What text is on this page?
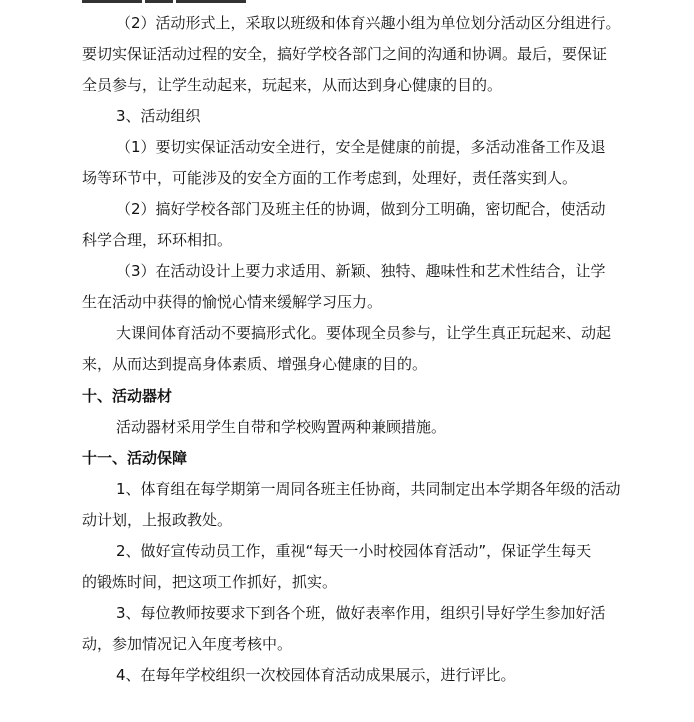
（2）活动形式上，采取以班级和体育兴趣小组为单位划分活动区分组进行。
要切实保证活动过程的安全，搞好学校各部门之间的沟通和协调。最后，要保证
全员参与，让学生动起来，玩起来，从而达到身心健康的目的。
3、活动组织
（1）要切实保证活动安全进行，安全是健康的前提，多活动准备工作及退
场等环节中，可能涉及的安全方面的工作考虑到，处理好，责任落实到人。
（2）搞好学校各部门及班主任的协调，做到分工明确，密切配合，使活动
科学合理，环环相扣。
（3）在活动设计上要力求适用、新颖、独特、趣味性和艺术性结合，让学
生在活动中获得的愉悦心情来缓解学习压力。
大课间体育活动不要搞形式化。要体现全员参与，让学生真正玩起来、动起
来，从而达到提高身体素质、增强身心健康的目的。
十、活动器材
活动器材采用学生自带和学校购置两种兼顾措施。
十一、活动保障
1、体育组在每学期第一周同各班主任协商，共同制定出本学期各年级的活动
动计划，上报政教处。
2、做好宣传动员工作，重视“每天一小时校园体育活动”，保证学生每天
的锻炼时间，把这项工作抓好，抓实。
3、每位教师按要求下到各个班，做好表率作用，组织引导好学生参加好活
动，参加情况记入年度考核中。
4、在每年学校组织一次校园体育活动成果展示，进行评比。
